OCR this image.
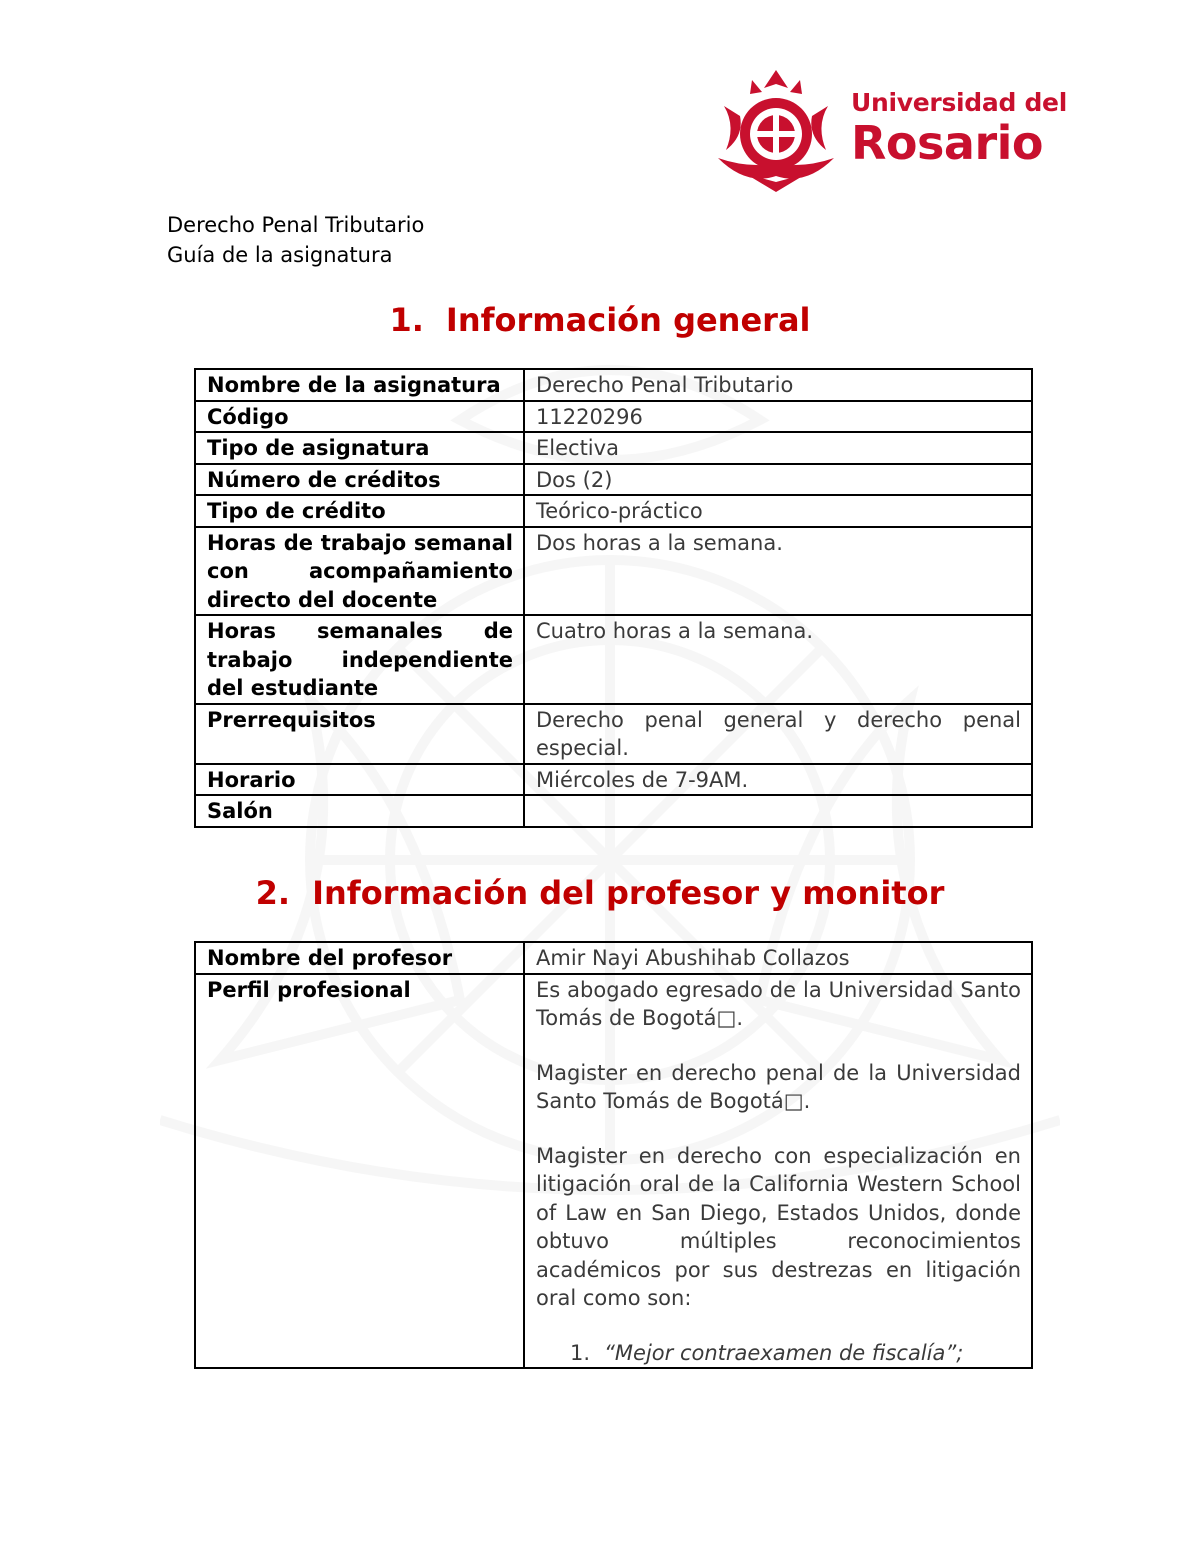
Universidad del
Rosario
Derecho Penal Tributario
Guía de la asignatura
1. Información general
Nombre de la asignatura	Derecho Penal Tributario
Código	11220296
Tipo de asignatura	Electiva
Número de créditos	Dos (2)
Tipo de crédito	Teórico-práctico
Horas de trabajo semanal con acompañamiento directo del docente	Dos horas a la semana.
Horas semanales de trabajo independiente del estudiante	Cuatro horas a la semana.
Prerrequisitos	Derecho penal general y derecho penal especial.
Horario	Miércoles de 7-9AM.
Salón	
2. Información del profesor y monitor
Nombre del profesor	Amir Nayi Abushihab Collazos
Perfil profesional	Es abogado egresado de la Universidad Santo Tomás de Bogotá□.
Magister en derecho penal de la Universidad Santo Tomás de Bogotá□.
Magister en derecho con especialización en litigación oral de la California Western School of Law en San Diego, Estados Unidos, donde obtuvo múltiples reconocimientos académicos por sus destrezas en litigación oral como son:
1. “Mejor contraexamen de fiscalía”;
